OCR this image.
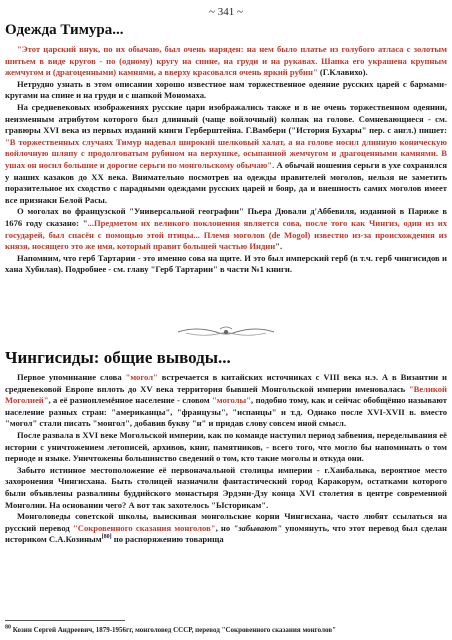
~ 341 ~
Одежда Тимура...

"Этот царский внук, по их обычаю, был очень наряден: на нем было платье из голубого атласа с золотым шитьем в виде кругов - по (одному) кругу на спине, на груди и на рукавах. Шапка его украшена крупным жемчугом и (драгоценными) камнями, а вверху красовался очень яркий рубин" (Г.Клавихо).

Нетрудно узнать в этом описании хорошо известное нам торжественное одеяние русских царей с бармами-кругами на спине и на груди и с шапкой Мономаха.

На средневековых изображениях русские цари изображались также и в не очень торжественном одеянии, неизменным атрибутом которого был длинный (чаще войлочный) колпак на голове. Сомневающиеся - см. гравюры XVI века из первых изданий книги Герберштейна. Г.Вамбери ("История Бухары" пер. с англ.) пишет: "В торжественных случаях Тимур надевал широкий шелковый халат, а на голове носил длинную коническую войлочную шляпу с продолговатым рубином на верхушке, осыпанной жемчугом и драгоценными камнями. В ушах он носил большие и дорогие серьги по монгольскому обычаю". А обычай ношения серьги в ухе сохранялся у наших казаков до XX века. Внимательно посмотрев на одежды правителей моголов, нельзя не заметить поразительное их сходство с парадными одеждами русских царей и бояр, да и внешность самих моголов имеет все признаки Белой Расы.

О моголах во французской "Универсальной географии" Пьера Дювали д'Аббевиля, изданной в Париже в 1676 году сказано: "...Предметом их великого поклонения является сова, после того как Чингиз, один из их государей, был спасён с помощью этой птицы... Племя моголов (de Mogol) известно из-за происхождения из князя, носящего это же имя, который правит большей частью Индии".

Напомним, что герб Тартарии - это именно сова на щите. И это был имперский герб (в т.ч. герб чингисидов и хана Хубилая). Подробнее - см. главу "Герб Тартарии" в части №1 книги.

Чингисиды: общие выводы...

Первое упоминание слова "могол" встречается в китайских источниках с VIII века н.э. А в Византии и средневековой Европе вплоть до XV века территория бывшей Монгольской империи именовалась "Великой Моголией", а её разноплемённое население - словом "моголы", подобно тому, как и сейчас обобщённо называют население разных стран: "американцы", "французы", "испанцы" и т.д. Однако после XVI-XVII в. вместо "могол" стали писать "монгол", добавив букву "н" и придав слову совсем иной смысл.

После развала в XVI веке Могольской империи, как по команде наступил период забвения, переделывания её истории с уничтожением летописей, архивов, книг, памятников, - всего того, что могло бы напоминать о том периоде и языке. Уничтожены большинство сведений о том, кто такие моголы и откуда они.

Забыто истинное местоположение её первоначальной столицы империи - г.Ханбалыка, вероятное место захоронения Чингисхана. Быть столицей назначили фантастический город Каракорум, остатками которого были объявлены развалины буддийского монастыря Эрдэни-Дзу конца XVI столетия в центре современной Монголии. На основании чего? А вот так захотелось "Ысторикам".

Монголоведы советской школы, выискивая монгольские корни Чингисхана, часто любят ссылаться на русский перевод "Сокровенного сказания монголов", но "забывают" упомянуть, что этот перевод был сделан историком С.А.Козиным[80] по распоряжению товарища

$^{80}$ Козин Сергей Андреевич, 1879-1956гг, монголовед СССР, перевод "Сокровенного сказания монголов"
